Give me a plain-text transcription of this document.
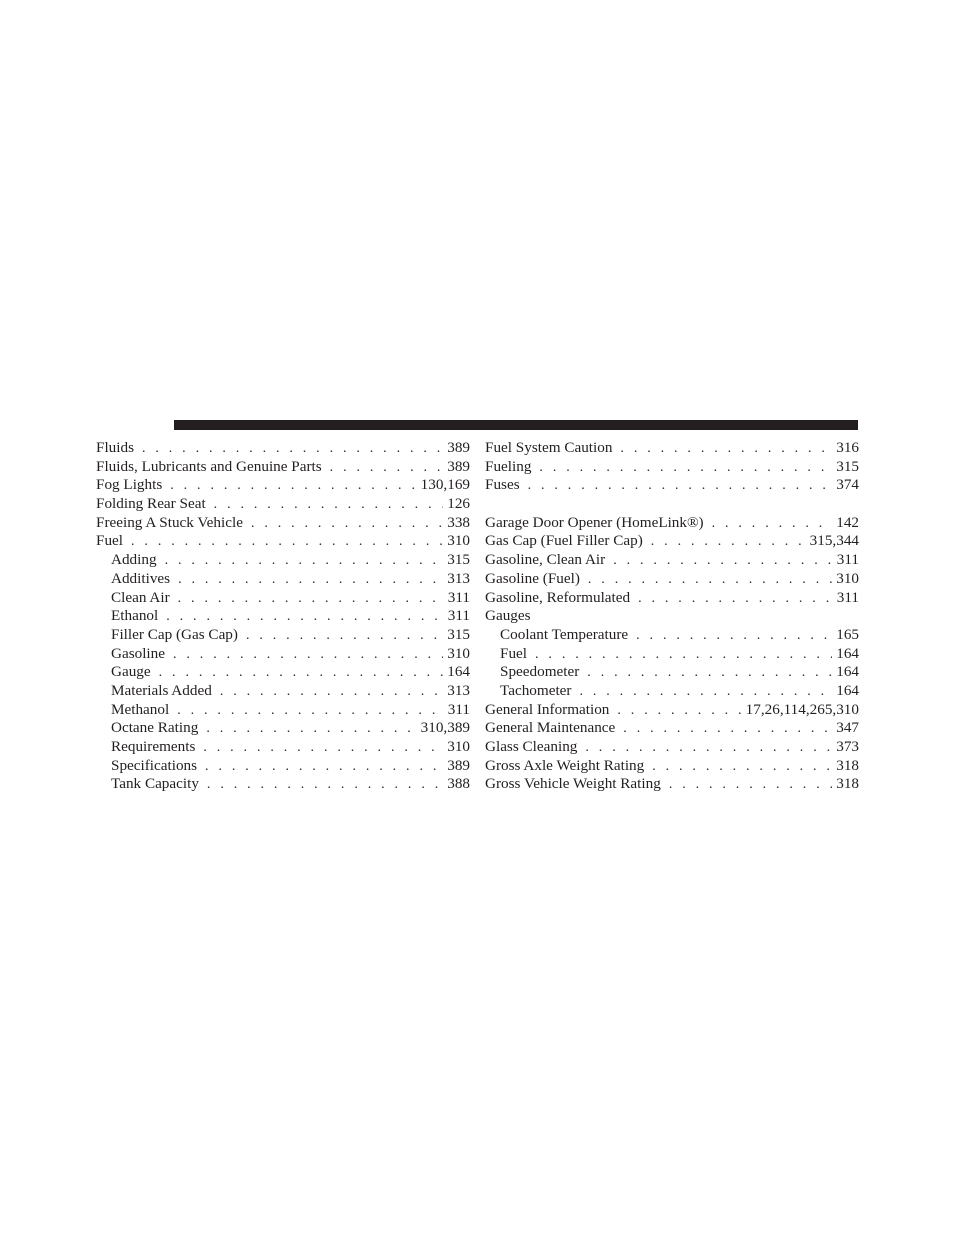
Fluids . . .	389
Fluids, Lubricants and Genuine Parts . . .	389
Fog Lights . . .	130,169
Folding Rear Seat . . .	126
Freeing A Stuck Vehicle . . .	338
Fuel . . .	310
Adding . . .	315
Additives . . .	313
Clean Air . . .	311
Ethanol . . .	311
Filler Cap (Gas Cap) . . .	315
Gasoline . . .	310
Gauge . . .	164
Materials Added . . .	313
Methanol . . .	311
Octane Rating . . .	310,389
Requirements . . .	310
Specifications . . .	389
Tank Capacity . . .	388
Fuel System Caution . . .	316
Fueling . . .	315
Fuses . . .	374
Garage Door Opener (HomeLink®) . . .	142
Gas Cap (Fuel Filler Cap) . . .	315,344
Gasoline, Clean Air . . .	311
Gasoline (Fuel) . . .	310
Gasoline, Reformulated . . .	311
Gauges
Coolant Temperature . . .	165
Fuel . . .	164
Speedometer . . .	164
Tachometer . . .	164
General Information . . .	17,26,114,265,310
General Maintenance . . .	347
Glass Cleaning . . .	373
Gross Axle Weight Rating . . .	318
Gross Vehicle Weight Rating . . .	318
